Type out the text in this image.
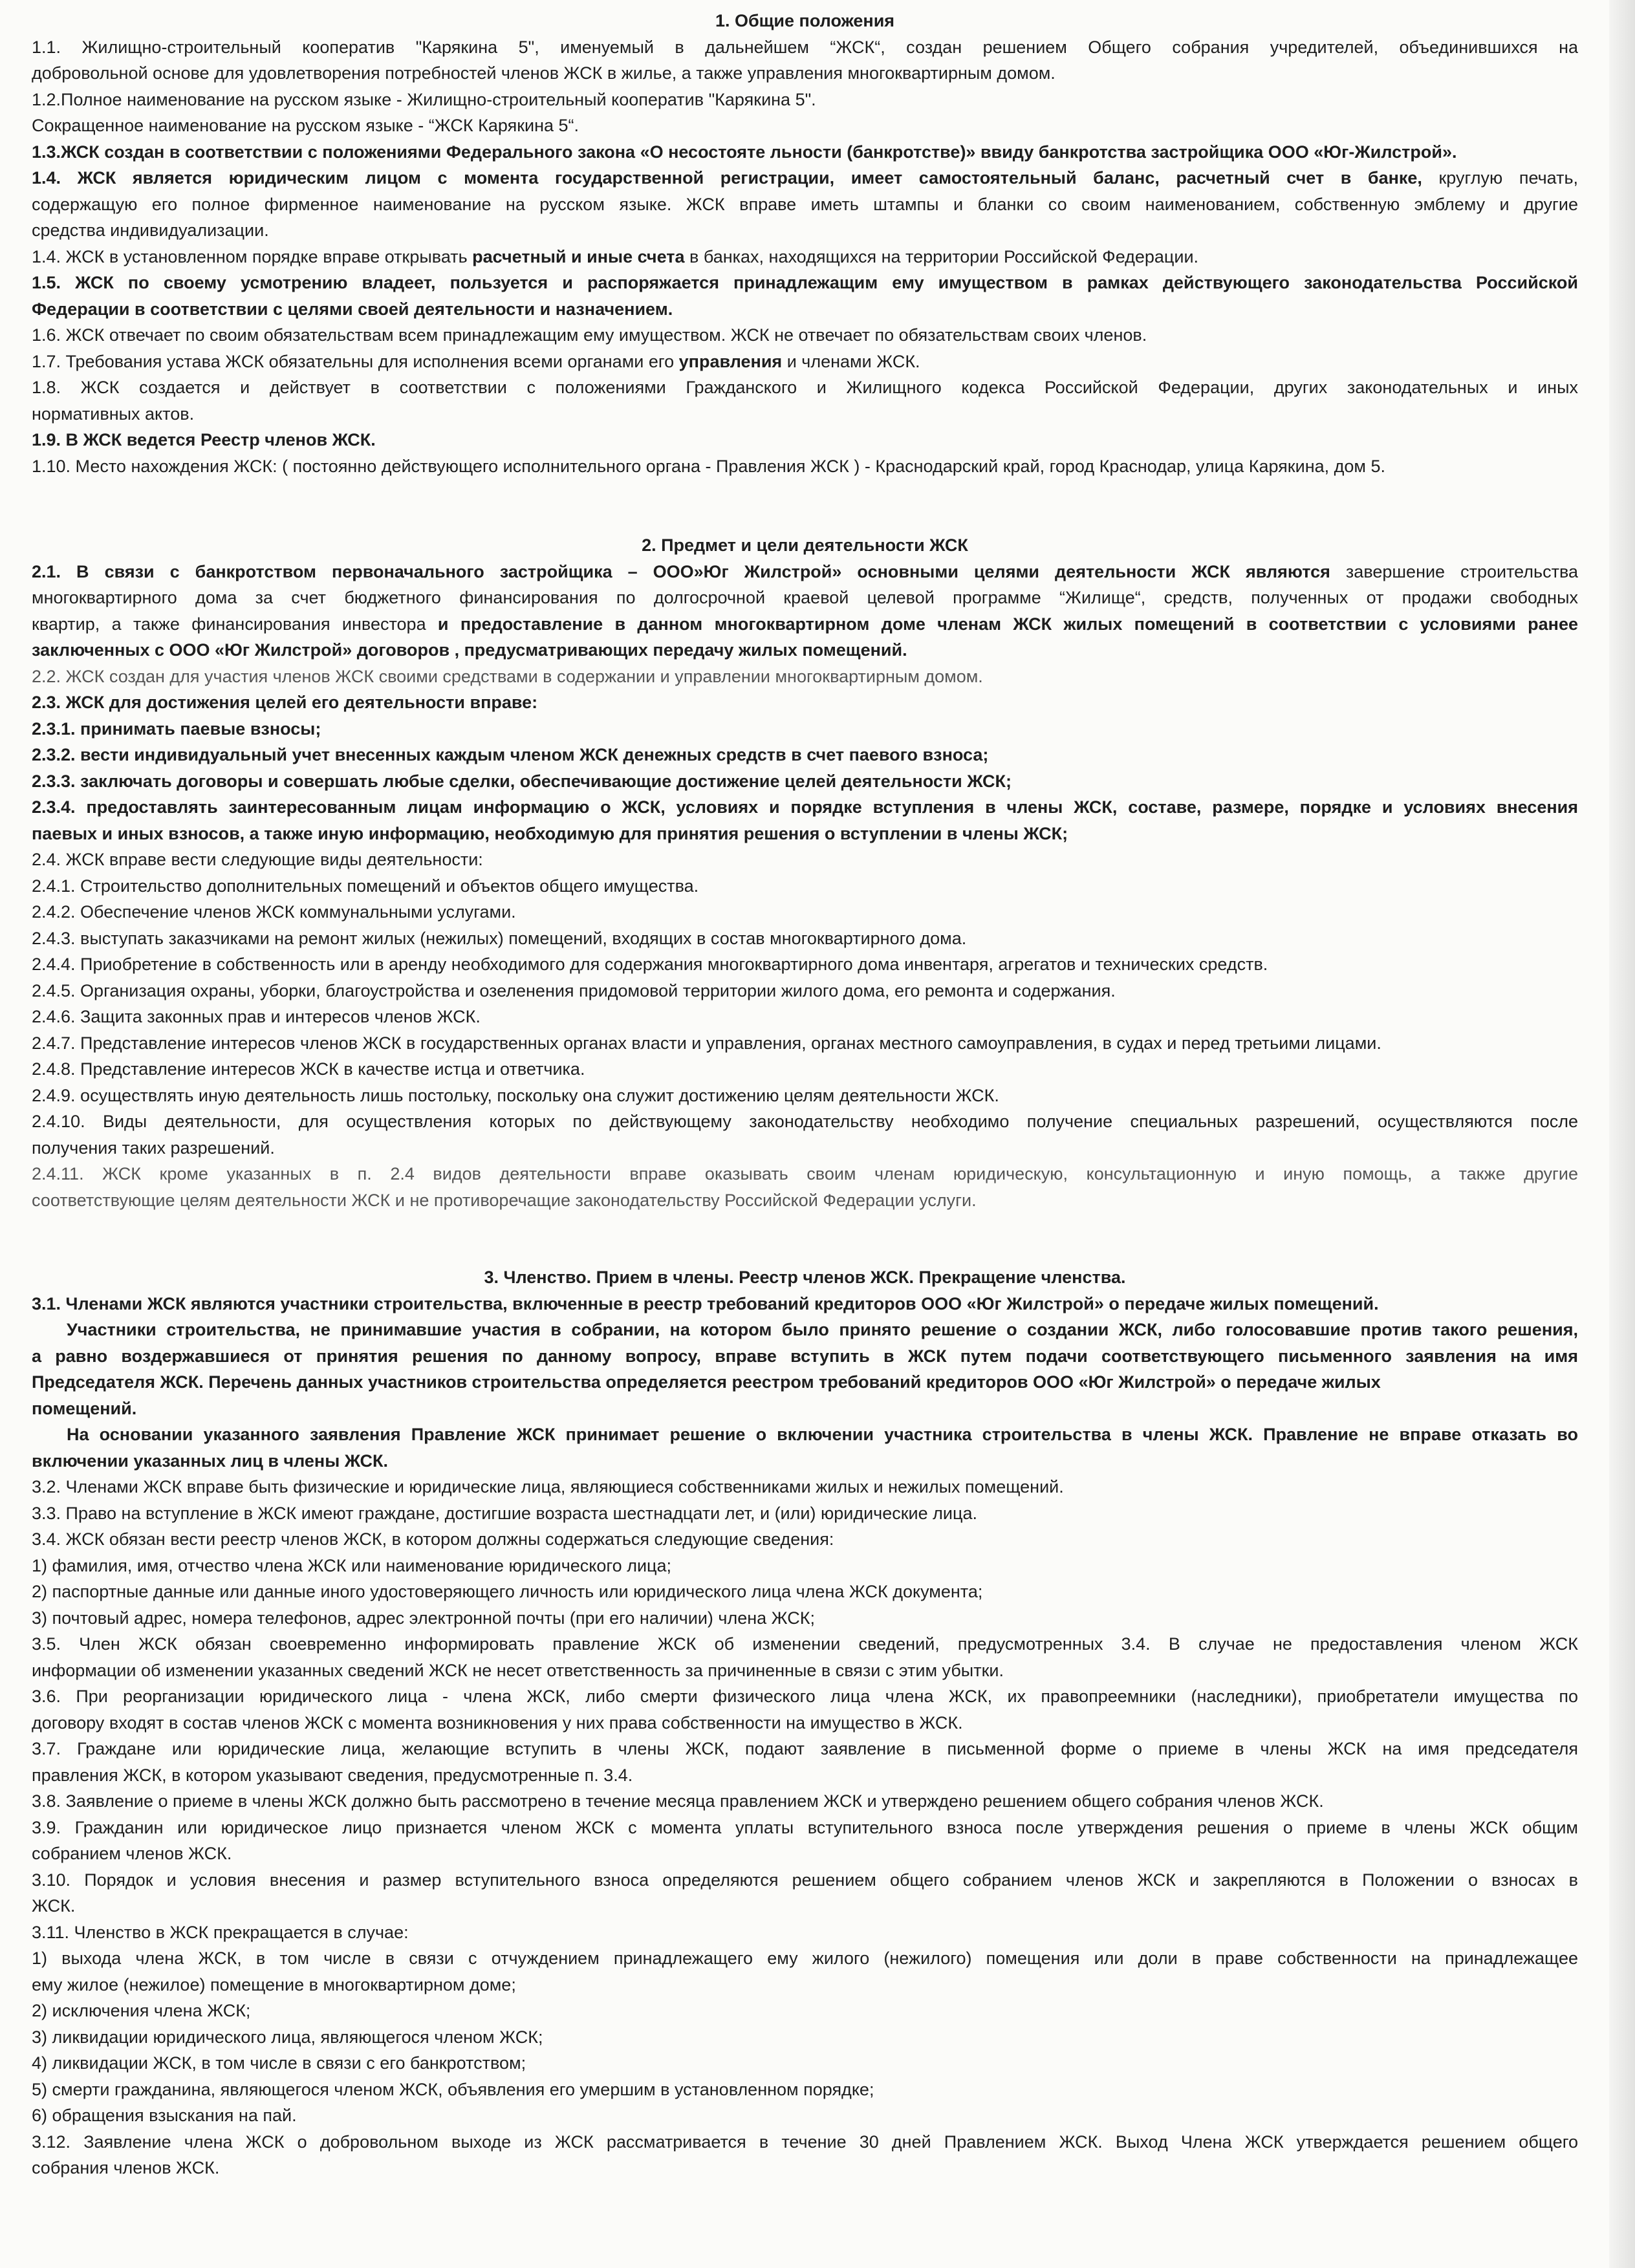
1. Общие положения
1.1. Жилищно-строительный кооператив "Карякина 5", именуемый в дальнейшем “ЖСК“, создан решением Общего собрания учредителей, объединившихся на
добровольной основе для удовлетворения потребностей членов ЖСК в жилье, а также управления многоквартирным домом.
1.2.Полное наименование на русском языке - Жилищно-строительный кооператив "Карякина 5".
Сокращенное наименование на русском языке - “ЖСК Карякина 5“.
1.3.ЖСК создан в соответствии с положениями Федерального закона «О несостояте льности (банкротстве)» ввиду банкротства застройщика ООО «Юг-Жилстрой».
1.4. ЖСК является юридическим лицом с момента государственной регистрации, имеет самостоятельный баланс, расчетный счет в банке, круглую печать,
содержащую его полное фирменное наименование на русском языке. ЖСК вправе иметь штампы и бланки со своим наименованием, собственную эмблему и другие
средства индивидуализации.
1.4. ЖСК в установленном порядке вправе открывать расчетный и иные счета в банках, находящихся на территории Российской Федерации.
1.5. ЖСК по своему усмотрению владеет, пользуется и распоряжается принадлежащим ему имуществом в рамках действующего законодательства Российской
Федерации в соответствии с целями своей деятельности и назначением.
1.6. ЖСК отвечает по своим обязательствам всем принадлежащим ему имуществом. ЖСК не отвечает по обязательствам своих членов.
1.7. Требования устава ЖСК обязательны для исполнения всеми органами его управления и членами ЖСК.
1.8. ЖСК создается и действует в соответствии с положениями Гражданского и Жилищного кодекса Российской Федерации, других законодательных и иных
нормативных актов.
1.9. В ЖСК ведется Реестр членов ЖСК.
1.10. Место нахождения ЖСК: ( постоянно действующего исполнительного органа - Правления ЖСК ) - Краснодарский край, город Краснодар, улица Карякина, дом 5.
2. Предмет и цели деятельности ЖСК
2.1. В связи с банкротством первоначального застройщика – ООО»Юг Жилстрой» основными целями деятельности ЖСК являются завершение строительства
многоквартирного дома за счет бюджетного финансирования по долгосрочной краевой целевой программе “Жилище“, средств, полученных от продажи свободных
квартир, а также финансирования инвестора и предоставление в данном многоквартирном доме членам ЖСК жилых помещений в соответствии с условиями ранее
заключенных с ООО «Юг Жилстрой» договоров , предусматривающих передачу жилых помещений.
2.2. ЖСК создан для участия членов ЖСК своими средствами в содержании и управлении многоквартирным домом.
2.3. ЖСК для достижения целей его деятельности вправе:
2.3.1. принимать паевые взносы;
2.3.2. вести индивидуальный учет внесенных каждым членом ЖСК денежных средств в счет паевого взноса;
2.3.3. заключать договоры и совершать любые сделки, обеспечивающие достижение целей деятельности ЖСК;
2.3.4. предоставлять заинтересованным лицам информацию о ЖСК, условиях и порядке вступления в члены ЖСК, составе, размере, порядке и условиях внесения
паевых и иных взносов, а также иную информацию, необходимую для принятия решения о вступлении в члены ЖСК;
2.4. ЖСК вправе вести следующие виды деятельности:
2.4.1. Строительство дополнительных помещений и объектов общего имущества.
2.4.2. Обеспечение членов ЖСК коммунальными услугами.
2.4.3. выступать заказчиками на ремонт жилых (нежилых) помещений, входящих в состав многоквартирного дома.
2.4.4. Приобретение в собственность или в аренду необходимого для содержания многоквартирного дома инвентаря, агрегатов и технических средств.
2.4.5. Организация охраны, уборки, благоустройства и озеленения придомовой территории жилого дома, его ремонта и содержания.
2.4.6. Защита законных прав и интересов членов ЖСК.
2.4.7. Представление интересов членов ЖСК в государственных органах власти и управления, органах местного самоуправления, в судах и перед третьими лицами.
2.4.8. Представление интересов ЖСК в качестве истца и ответчика.
2.4.9. осуществлять иную деятельность лишь постольку, поскольку она служит достижению целям деятельности ЖСК.
2.4.10. Виды деятельности, для осуществления которых по действующему законодательству необходимо получение специальных разрешений, осуществляются после
получения таких разрешений.
2.4.11. ЖСК кроме указанных в п. 2.4 видов деятельности вправе оказывать своим членам юридическую, консультационную и иную помощь, а также другие
соответствующие целям деятельности ЖСК и не противоречащие законодательству Российской Федерации услуги.
3. Членство. Прием в члены. Реестр членов ЖСК. Прекращение членства.
3.1. Членами ЖСК являются участники строительства, включенные в реестр требований кредиторов ООО «Юг Жилстрой» о передаче жилых помещений.
Участники строительства, не принимавшие участия в собрании, на котором было принято решение о создании ЖСК, либо голосовавшие против такого решения,
а равно воздержавшиеся от принятия решения по данному вопросу, вправе вступить в ЖСК путем подачи соответствующего письменного заявления на имя
Председателя ЖСК. Перечень данных участников строительства определяется реестром требований кредиторов ООО «Юг Жилстрой» о передаче жилых
помещений.
На основании указанного заявления Правление ЖСК принимает решение о включении участника строительства в члены ЖСК. Правление не вправе отказать во
включении указанных лиц в члены ЖСК.
3.2. Членами ЖСК вправе быть физические и юридические лица, являющиеся собственниками жилых и нежилых помещений.
3.3. Право на вступление в ЖСК имеют граждане, достигшие возраста шестнадцати лет, и (или) юридические лица.
3.4. ЖСК обязан вести реестр членов ЖСК, в котором должны содержаться следующие сведения:
1) фамилия, имя, отчество члена ЖСК или наименование юридического лица;
2) паспортные данные или данные иного удостоверяющего личность или юридического лица члена ЖСК документа;
3) почтовый адрес, номера телефонов, адрес электронной почты (при его наличии) члена ЖСК;
3.5. Член ЖСК обязан своевременно информировать правление ЖСК об изменении сведений, предусмотренных 3.4. В случае не предоставления членом ЖСК
информации об изменении указанных сведений ЖСК не несет ответственность за причиненные в связи с этим убытки.
3.6. При реорганизации юридического лица - члена ЖСК, либо смерти физического лица члена ЖСК, их правопреемники (наследники), приобретатели имущества по
договору входят в состав членов ЖСК с момента возникновения у них права собственности на имущество в ЖСК.
3.7. Граждане или юридические лица, желающие вступить в члены ЖСК, подают заявление в письменной форме о приеме в члены ЖСК на имя председателя
правления ЖСК, в котором указывают сведения, предусмотренные п. 3.4.
3.8. Заявление о приеме в члены ЖСК должно быть рассмотрено в течение месяца правлением ЖСК и утверждено решением общего собрания членов ЖСК.
3.9. Гражданин или юридическое лицо признается членом ЖСК с момента уплаты вступительного взноса после утверждения решения о приеме в члены ЖСК общим
собранием членов ЖСК.
3.10. Порядок и условия внесения и размер вступительного взноса определяются решением общего собранием членов ЖСК и закрепляются в Положении о взносах в
ЖСК.
3.11. Членство в ЖСК прекращается в случае:
1) выхода члена ЖСК, в том числе в связи с отчуждением принадлежащего ему жилого (нежилого) помещения или доли в праве собственности на принадлежащее
ему жилое (нежилое) помещение в многоквартирном доме;
2) исключения члена ЖСК;
3) ликвидации юридического лица, являющегося членом ЖСК;
4) ликвидации ЖСК, в том числе в связи с его банкротством;
5) смерти гражданина, являющегося членом ЖСК, объявления его умершим в установленном порядке;
6) обращения взыскания на пай.
3.12. Заявление члена ЖСК о добровольном выходе из ЖСК рассматривается в течение 30 дней Правлением ЖСК. Выход Члена ЖСК утверждается решением общего
собрания членов ЖСК.
